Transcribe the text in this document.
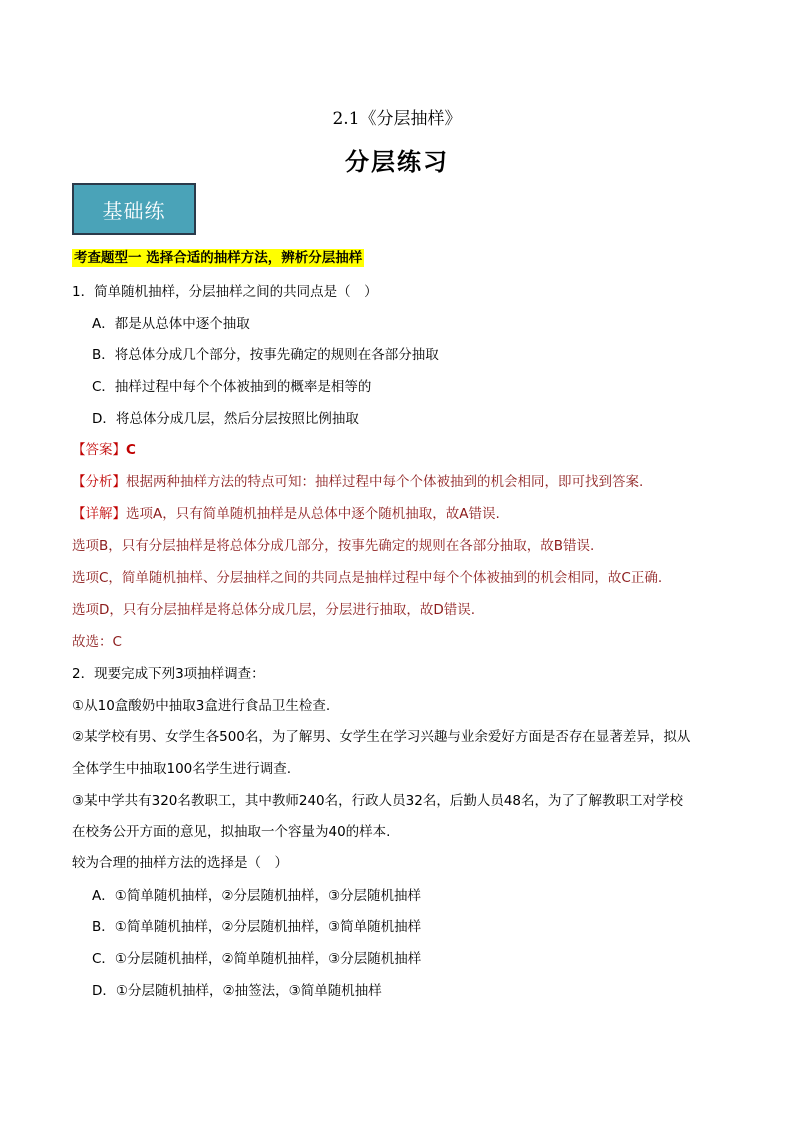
2.1《分层抽样》
分层练习
基础练
考查题型一 选择合适的抽样方法，辨析分层抽样
1．简单随机抽样，分层抽样之间的共同点是（　）
A．都是从总体中逐个抽取
B．将总体分成几个部分，按事先确定的规则在各部分抽取
C．抽样过程中每个个体被抽到的概率是相等的
D．将总体分成几层，然后分层按照比例抽取
【答案】C
【分析】根据两种抽样方法的特点可知：抽样过程中每个个体被抽到的机会相同，即可找到答案.
【详解】选项A，只有简单随机抽样是从总体中逐个随机抽取，故A错误.
选项B，只有分层抽样是将总体分成几部分，按事先确定的规则在各部分抽取，故B错误.
选项C，简单随机抽样、分层抽样之间的共同点是抽样过程中每个个体被抽到的机会相同，故C正确.
选项D，只有分层抽样是将总体分成几层，分层进行抽取，故D错误.
故选：C
2．现要完成下列3项抽样调查：
①从10盒酸奶中抽取3盒进行食品卫生检查.
②某学校有男、女学生各500名，为了解男、女学生在学习兴趣与业余爱好方面是否存在显著差异，拟从
全体学生中抽取100名学生进行调查.
③某中学共有320名教职工，其中教师240名，行政人员32名，后勤人员48名，为了了解教职工对学校
在校务公开方面的意见，拟抽取一个容量为40的样本.
较为合理的抽样方法的选择是（　）
A．①简单随机抽样，②分层随机抽样，③分层随机抽样
B．①简单随机抽样，②分层随机抽样，③简单随机抽样
C．①分层随机抽样，②简单随机抽样，③分层随机抽样
D．①分层随机抽样，②抽签法，③简单随机抽样
